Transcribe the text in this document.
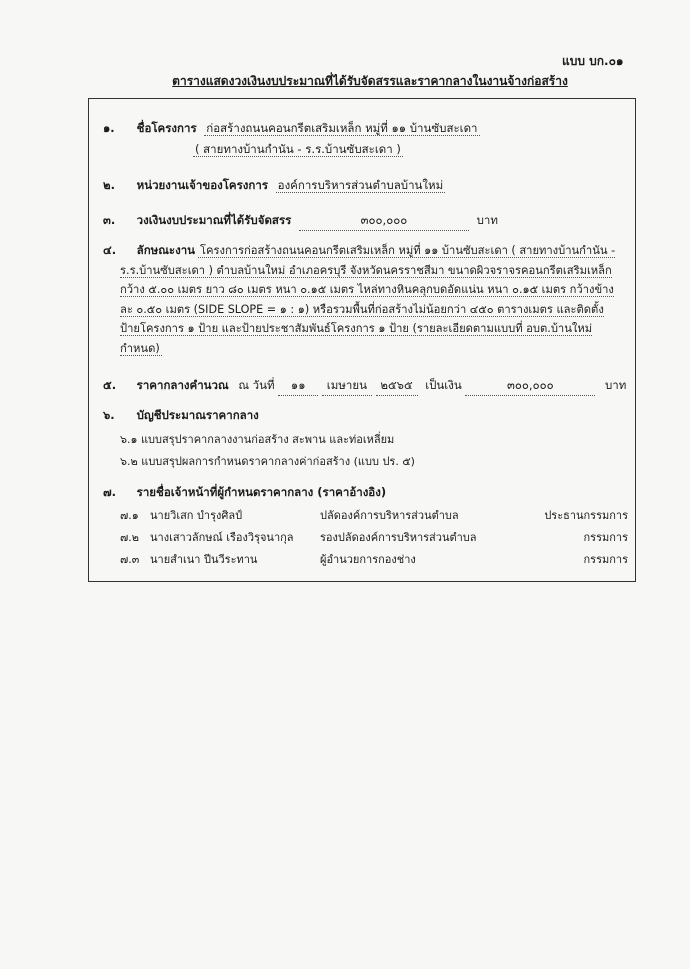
แบบ บก.๐๑
ตารางแสดงวงเงินงบประมาณที่ได้รับจัดสรรและราคากลางในงานจ้างก่อสร้าง
๑. ชื่อโครงการ ก่อสร้างถนนคอนกรีตเสริมเหล็ก หมู่ที่ ๑๑ บ้านซับสะเดา
( สายทางบ้านกำนัน - ร.ร.บ้านซับสะเดา )
๒. หน่วยงานเจ้าของโครงการ องค์การบริหารส่วนตำบลบ้านใหม่
๓. วงเงินงบประมาณที่ได้รับจัดสรร	๓๐๐,๐๐๐	บาท
๔. ลักษณะงาน โครงการก่อสร้างถนนคอนกรีตเสริมเหล็ก หมู่ที่ ๑๑ บ้านซับสะเดา ( สายทางบ้านกำนัน - ร.ร.บ้านซับสะเดา ) ตำบลบ้านใหม่ อำเภอครบุรี จังหวัดนครราชสีมา ขนาดผิวจราจรคอนกรีตเสริมเหล็ก กว้าง ๕.๐๐ เมตร ยาว ๘๐ เมตร หนา ๐.๑๕ เมตร ไหล่ทางหินคลุกบดอัดแน่น หนา ๐.๑๕ เมตร กว้างข้างละ ๐.๕๐ เมตร (SIDE SLOPE = ๑ : ๑) หรือรวมพื้นที่ก่อสร้างไม่น้อยกว่า ๔๕๐ ตารางเมตร และติดตั้งป้ายโครงการ ๑ ป้าย และป้ายประชาสัมพันธ์โครงการ ๑ ป้าย (รายละเอียดตามแบบที่ อบต.บ้านใหม่กำหนด)
๕. ราคากลางคำนวณ ณ วันที่ ๑๑ เมษายน ๒๕๖๕ เป็นเงิน	๓๐๐,๐๐๐	บาท
๖. บัญชีประมาณราคากลาง
๖.๑ แบบสรุปราคากลางงานก่อสร้าง สะพาน และท่อเหลี่ยม
๖.๒ แบบสรุปผลการกำหนดราคากลางค่าก่อสร้าง (แบบ ปร. ๕)
๗. รายชื่อเจ้าหน้าที่ผู้กำหนดราคากลาง (ราคาอ้างอิง)
๗.๑ นายวิเสก บำรุงศิลป์	ปลัดองค์การบริหารส่วนตำบล	ประธานกรรมการ
๗.๒ นางเสาวลักษณ์ เรืองวิรุจนากุล รองปลัดองค์การบริหารส่วนตำบล	กรรมการ
๗.๓ นายสำเนา ปีนวีระทาน	ผู้อำนวยการกองช่าง	กรรมการ
